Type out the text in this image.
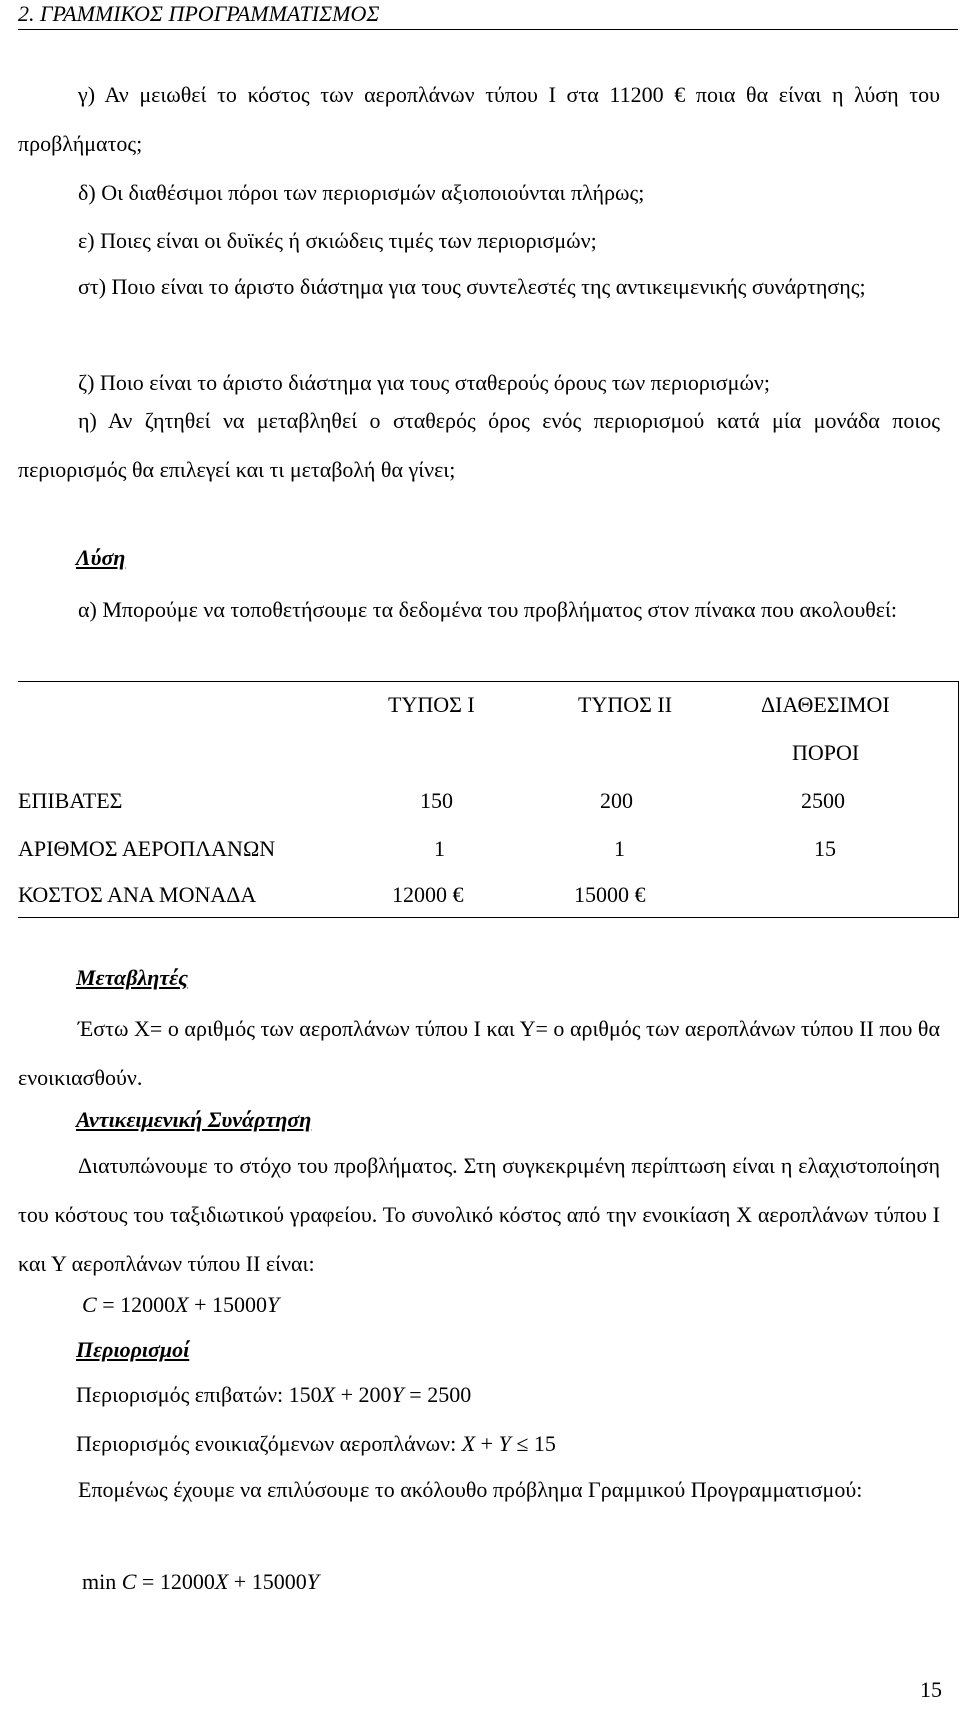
2. ΓΡΑΜΜΙΚΟΣ ΠΡΟΓΡΑΜΜΑΤΙΣΜΟΣ
γ) Αν μειωθεί το κόστος των αεροπλάνων τύπου Ι στα 11200 € ποια θα είναι η λύση του προβλήματος;
δ) Οι διαθέσιμοι πόροι των περιορισμών αξιοποιούνται πλήρως;
ε) Ποιες είναι οι δυϊκές ή σκιώδεις τιμές των περιορισμών;
στ) Ποιο είναι το άριστο διάστημα για τους συντελεστές της αντικειμενικής συνάρτησης;
ζ) Ποιο είναι το άριστο διάστημα για τους σταθερούς όρους των περιορισμών;
η) Αν ζητηθεί να μεταβληθεί ο σταθερός όρος ενός περιορισμού κατά μία μονάδα ποιος περιορισμός θα επιλεγεί και τι μεταβολή θα γίνει;
Λύση
α) Μπορούμε να τοποθετήσουμε τα δεδομένα του προβλήματος στον πίνακα που ακολουθεί:
ΤΥΠΟΣ Ι	ΤΥΠΟΣ ΙΙ	ΔΙΑΘΕΣΙΜΟΙ
ΠΟΡΟΙ
ΕΠΙΒΑΤΕΣ	150	200	2500
ΑΡΙΘΜΟΣ ΑΕΡΟΠΛΑΝΩΝ	1	1	15
ΚΟΣΤΟΣ ΑΝΑ ΜΟΝΑΔΑ	12000 €	15000 €
Μεταβλητές
Έστω Χ= ο αριθμός των αεροπλάνων τύπου Ι και Υ= ο αριθμός των αεροπλάνων τύπου ΙΙ που θα ενοικιασθούν.
Αντικειμενική Συνάρτηση
Διατυπώνουμε το στόχο του προβλήματος. Στη συγκεκριμένη περίπτωση είναι η ελαχιστοποίηση του κόστους του ταξιδιωτικού γραφείου. Το συνολικό κόστος από την ενοικίαση Χ αεροπλάνων τύπου Ι και Υ αεροπλάνων τύπου ΙΙ είναι:
C = 12000X + 15000Y
Περιορισμοί
Περιορισμός επιβατών: 150X + 200Y = 2500
Περιορισμός ενοικιαζόμενων αεροπλάνων: X + Y ≤ 15
Επομένως έχουμε να επιλύσουμε το ακόλουθο πρόβλημα Γραμμικού Προγραμματισμού:
min C = 12000X + 15000Y
15
